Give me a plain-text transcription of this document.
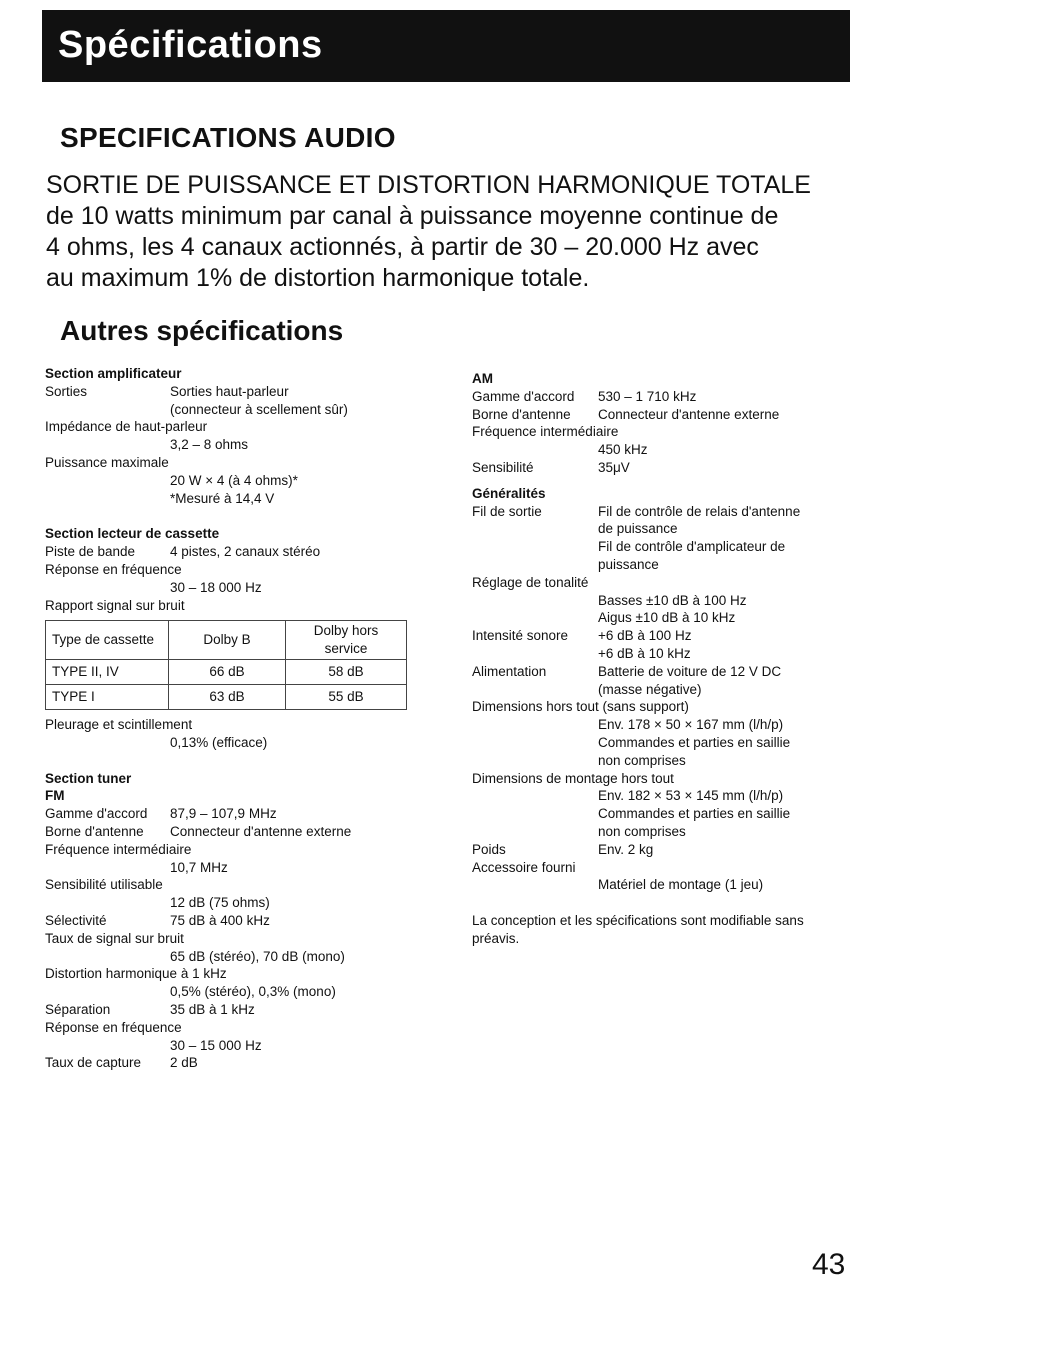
Spécifications
SPECIFICATIONS AUDIO
SORTIE DE PUISSANCE ET DISTORTION HARMONIQUE TOTALE
de 10 watts minimum par canal à puissance moyenne continue de
4 ohms, les 4 canaux actionnés, à partir de 30 – 20.000 Hz avec
au maximum 1% de distortion harmonique totale.
Autres spécifications
Section amplificateur
Sorties	Sorties haut-parleur
(connecteur à scellement sûr)
Impédance de haut-parleur
3,2 – 8 ohms
Puissance maximale
20 W × 4 (à 4 ohms)*
*Mesuré à 14,4 V
Section lecteur de cassette
Piste de bande	4 pistes, 2 canaux stéréo
Réponse en fréquence
30 – 18 000 Hz
Rapport signal sur bruit
Type de cassette	Dolby B	Dolby hors service
TYPE II, IV	66 dB	58 dB
TYPE I	63 dB	55 dB
Pleurage et scintillement
0,13% (efficace)
Section tuner
FM
Gamme d'accord 87,9 – 107,9 MHz
Borne d'antenne Connecteur d'antenne externe
Fréquence intermédiaire
10,7 MHz
Sensibilité utilisable
12 dB (75 ohms)
Sélectivité	75 dB à 400 kHz
Taux de signal sur bruit
65 dB (stéréo), 70 dB (mono)
Distortion harmonique à 1 kHz
0,5% (stéréo), 0,3% (mono)
Séparation	35 dB à 1 kHz
Réponse en fréquence
30 – 15 000 Hz
Taux de capture 2 dB
AM
Gamme d'accord 530 – 1 710 kHz
Borne d'antenne Connecteur d'antenne externe
Fréquence intermédiaire
450 kHz
Sensibilité	35μV
Généralités
Fil de sortie	Fil de contrôle de relais d'antenne
de puissance
Fil de contrôle d'amplicateur de
puissance
Réglage de tonalité
Basses ±10 dB à 100 Hz
Aigus ±10 dB à 10 kHz
Intensité sonore +6 dB à 100 Hz
+6 dB à 10 kHz
Alimentation	Batterie de voiture de 12 V DC
(masse négative)
Dimensions hors tout (sans support)
Env. 178 × 50 × 167 mm (l/h/p)
Commandes et parties en saillie
non comprises
Dimensions de montage hors tout
Env. 182 × 53 × 145 mm (l/h/p)
Commandes et parties en saillie
non comprises
Poids	Env. 2 kg
Accessoire fourni
Matériel de montage (1 jeu)
La conception et les spécifications sont modifiable sans préavis.
43
